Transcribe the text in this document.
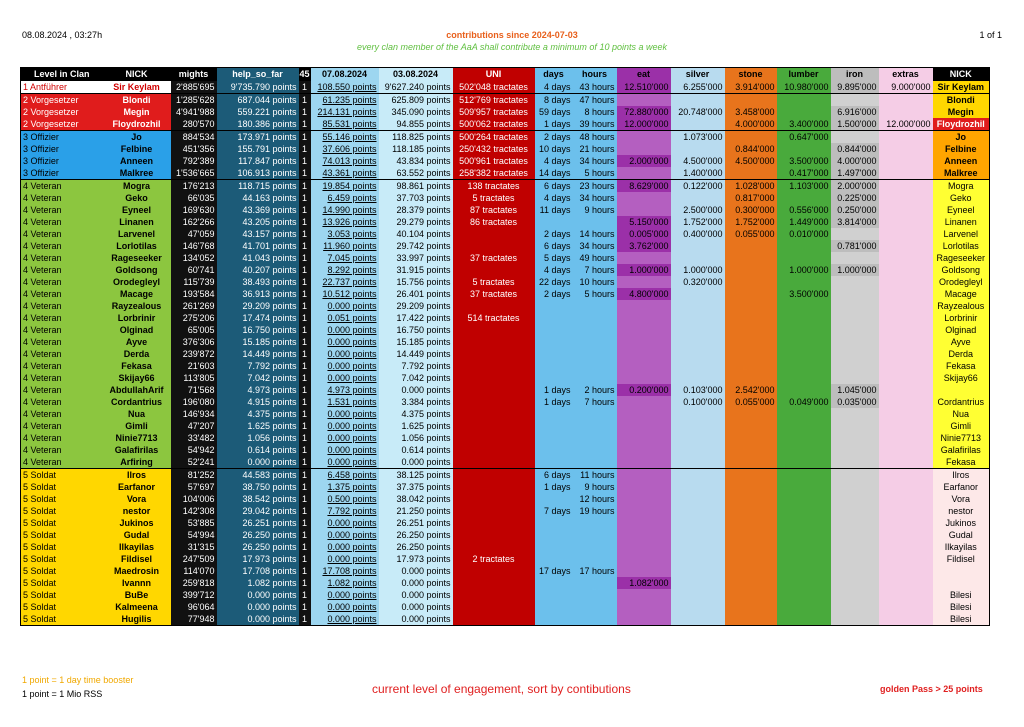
08.08.2024 , 03:27h	contributions since 2024-07-03
every clan member of the AaA shall contribute a minimum of 10 points a week
1 of 1
Level in Clan	NICK	mights	help_so_far	45	07.08.2024	03.08.2024	UNI	days	hours	eat	silver	stone	lumber	iron	extras	NICK
1 Antführer	Sir Keylam	2'885'695	9'735.790 points	1	108.550 points	9'627.240 points	502'048 tractates	4 days	43 hours	12.510'000	6.255'000	3.914'000	10.980'000	9.895'000	9.000'000	Sir Keylam
2 Vorgesetzer	Blondi	1'285'628	687.044 points	1	61.235 points	625.809 points	512'769 tractates	8 days	47 hours							Blondi
2 Vorgesetzer	Megin	4'941'988	559.221 points	1	214.131 points	345.090 points	509'957 tractates	59 days	8 hours	72.880'000	20.748'000	3.458'000		6.916'000		Megin
2 Vorgesetzer	Floydrozhil	280'570	180.386 points	1	85.531 points	94.855 points	500'062 tractates	1 days	39 hours	12.000'000		4.000'000	3.400'000	1.500'000	12.000'000	Floydrozhil
3 Offizier	Jo	884'534	173.971 points	1	55.146 points	118.825 points	500'264 tractates	2 days	48 hours		1.073'000		0.647'000			Jo
3 Offizier	Felbine	451'356	155.791 points	1	37.606 points	118.185 points	250'432 tractates	10 days	21 hours			0.844'000		0.844'000		Felbine
3 Offizier	Anneen	792'389	117.847 points	1	74.013 points	43.834 points	500'961 tractates	4 days	34 hours	2.000'000	4.500'000	4.500'000	3.500'000	4.000'000		Anneen
3 Offizier	Malkree	1'536'665	106.913 points	1	43.361 points	63.552 points	258'382 tractates	14 days	5 hours		1.400'000		0.417'000	1.497'000		Malkree
4 Veteran	Mogra	176'213	118.715 points	1	19.854 points	98.861 points	138 tractates	6 days	23 hours	8.629'000	0.122'000	1.028'000	1.103'000	2.000'000		Mogra
4 Veteran	Geko	66'035	44.163 points	1	6.459 points	37.703 points	5 tractates	4 days	34 hours			0.817'000		0.225'000		Geko
4 Veteran	Eyneel	169'630	43.369 points	1	14.990 points	28.379 points	87 tractates	11 days	9 hours		2.500'000	0.300'000	0.556'000	0.250'000		Eyneel
4 Veteran	Linanen	162'266	43.205 points	1	13.926 points	29.279 points	86 tractates			5.150'000	1.752'000	1.752'000	1.449'000	3.814'000		Linanen
4 Veteran	Larvenel	47'059	43.157 points	1	3.053 points	40.104 points		2 days	14 hours	0.005'000	0.400'000	0.055'000	0.010'000			Larvenel
4 Veteran	Lorlotilas	146'768	41.701 points	1	11.960 points	29.742 points		6 days	34 hours	3.762'000				0.781'000		Lorlotilas
4 Veteran	Rageseeker	134'052	41.043 points	1	7.045 points	33.997 points	37 tractates	5 days	49 hours							Rageseeker
4 Veteran	Goldsong	60'741	40.207 points	1	8.292 points	31.915 points		4 days	7 hours	1.000'000	1.000'000		1.000'000	1.000'000		Goldsong
4 Veteran	Orodegleyl	115'739	38.493 points	1	22.737 points	15.756 points	5 tractates	22 days	10 hours		0.320'000					Orodegleyl
4 Veteran	Macage	193'584	36.913 points	1	10.512 points	26.401 points	37 tractates	2 days	5 hours	4.800'000			3.500'000			Macage
4 Veteran	Rayzealous	261'269	29.209 points	1	0.000 points	29.209 points										Rayzealous
4 Veteran	Lorbrinir	275'206	17.474 points	1	0.051 points	17.422 points	514 tractates									Lorbrinir
4 Veteran	Olginad	65'005	16.750 points	1	0.000 points	16.750 points										Olginad
4 Veteran	Ayve	376'306	15.185 points	1	0.000 points	15.185 points										Ayve
4 Veteran	Derda	239'872	14.449 points	1	0.000 points	14.449 points										Derda
4 Veteran	Fekasa	21'603	7.792 points	1	0.000 points	7.792 points										Fekasa
4 Veteran	Skijay66	113'805	7.042 points	1	0.000 points	7.042 points										Skijay66
4 Veteran	AbdullahArif	71'568	4.973 points	1	4.973 points	0.000 points		1 days	2 hours	0.200'000	0.103'000	2.542'000		1.045'000		
4 Veteran	Cordantrius	196'080	4.915 points	1	1.531 points	3.384 points		1 days	7 hours		0.100'000	0.055'000	0.049'000	0.035'000		Cordantrius
4 Veteran	Nua	146'934	4.375 points	1	0.000 points	4.375 points										Nua
4 Veteran	Gimli	47'207	1.625 points	1	0.000 points	1.625 points										Gimli
4 Veteran	Ninie7713	33'482	1.056 points	1	0.000 points	1.056 points										Ninie7713
4 Veteran	Galafirilas	54'942	0.614 points	1	0.000 points	0.614 points										Galafirilas
4 Veteran	Arfiring	52'241	0.000 points	1	0.000 points	0.000 points										Fekasa
5 Soldat	Ilros	81'252	44.583 points	1	6.458 points	38.125 points		6 days	11 hours							Ilros
5 Soldat	Earfanor	57'697	38.750 points	1	1.375 points	37.375 points		1 days	9 hours							Earfanor
5 Soldat	Vora	104'006	38.542 points	1	0.500 points	38.042 points			12 hours							Vora
5 Soldat	nestor	142'308	29.042 points	1	7.792 points	21.250 points		7 days	19 hours							nestor
5 Soldat	Jukinos	53'885	26.251 points	1	0.000 points	26.251 points										Jukinos
5 Soldat	Gudal	54'994	26.250 points	1	0.000 points	26.250 points										Gudal
5 Soldat	Ilkayilas	31'315	26.250 points	1	0.000 points	26.250 points										Ilkayilas
5 Soldat	Fildisel	247'509	17.973 points	1	0.000 points	17.973 points	2 tractates									Fildisel
5 Soldat	Maedrosin	114'070	17.708 points	1	17.708 points	0.000 points		17 days	17 hours							
5 Soldat	Ivannn	259'818	1.082 points	1	1.082 points	0.000 points				1.082'000						
5 Soldat	BuBe	399'712	0.000 points	1	0.000 points	0.000 points										Bilesi
5 Soldat	Kalmeena	96'064	0.000 points	1	0.000 points	0.000 points										Bilesi
5 Soldat	Hugilis	77'948	0.000 points	1	0.000 points	0.000 points										Bilesi
1 point = 1 day time booster
1 point = 1 Mio RSS	current level of engagement, sort by contibutions	golden Pass > 25 points
